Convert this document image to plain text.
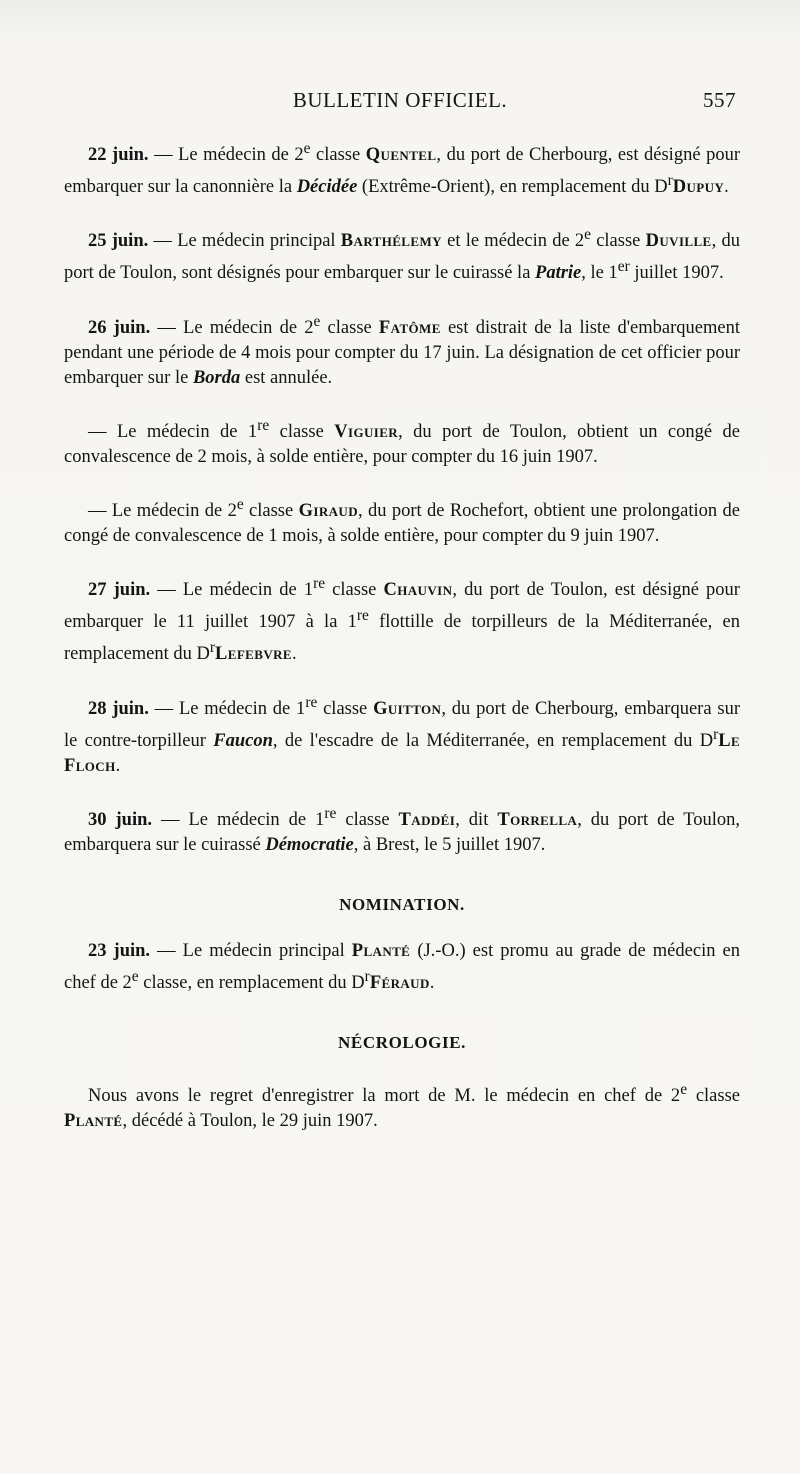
BULLETIN OFFICIEL.	557

22 juin. — Le médecin de 2e classe Quentel, du port de Cherbourg, est désigné pour embarquer sur la canonnière la Décidée (Extrême-Orient), en remplacement du $D^rDupuy$.

25 juin. — Le médecin principal Barthélemy et le médecin de 2e classe Duville, du port de Toulon, sont désignés pour embarquer sur le cuirassé la Patrie, le 1er juillet 1907.

26 juin. — Le médecin de 2e classe Fatôme est distrait de la liste d'embarquement pendant une période de 4 mois pour compter du 17 juin. La désignation de cet officier pour embarquer sur le Borda est annulée.

— Le médecin de 1re classe Viguier, du port de Toulon, obtient un congé de convalescence de 2 mois, à solde entière, pour compter du 16 juin 1907.

— Le médecin de 2e classe Giraud, du port de Rochefort, obtient une prolongation de congé de convalescence de 1 mois, à solde entière, pour compter du 9 juin 1907.

27 juin. — Le médecin de 1re classe Chauvin, du port de Toulon, est désigné pour embarquer le 11 juillet 1907 à la 1re flottille de torpilleurs de la Méditerranée, en remplacement du $D^rLefebvre$.

28 juin. — Le médecin de 1re classe Guitton, du port de Cherbourg, embarquera sur le contre-torpilleur Faucon, de l'escadre de la Méditerranée, en remplacement du $D^rLe$ Floch.

30 juin. — Le médecin de 1re classe Taddéi, dit Torrella, du port de Toulon, embarquera sur le cuirassé Démocratie, à Brest, le 5 juillet 1907.

NOMINATION.

23 juin. — Le médecin principal Planté (J.-O.) est promu au grade de médecin en chef de 2e classe, en remplacement du $D^rFéraud$.

NÉCROLOGIE.

Nous avons le regret d'enregistrer la mort de M. le médecin en chef de 2e classe Planté, décédé à Toulon, le 29 juin 1907.
